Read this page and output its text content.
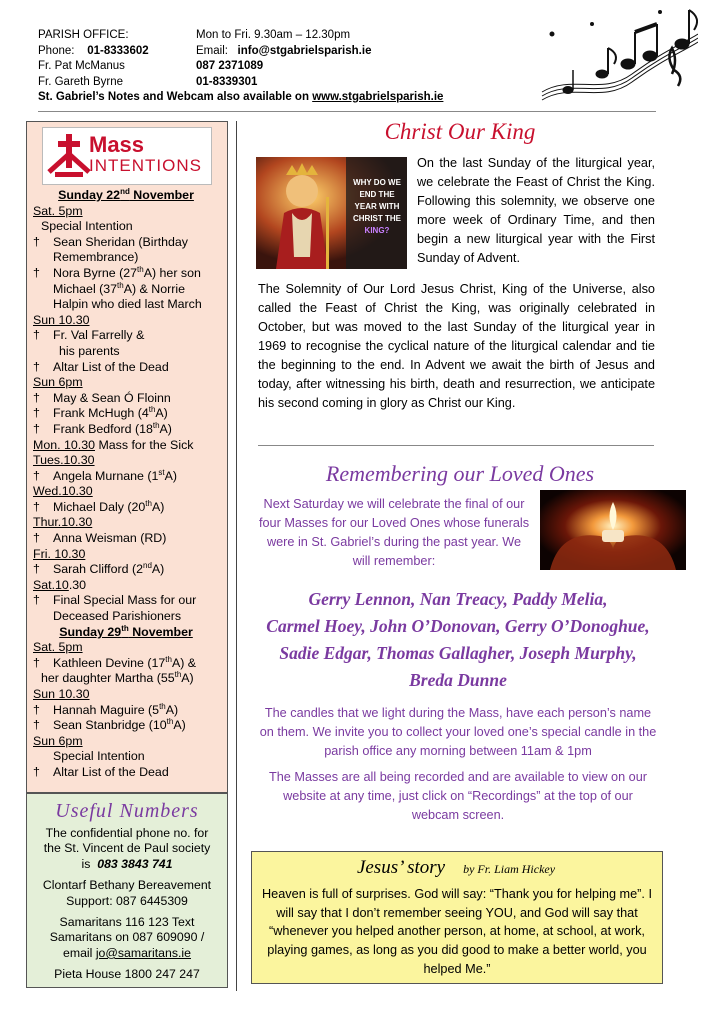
PARISH OFFICE:	Mon to Fri. 9.30am – 12.30pm
Phone: 01-8333602	Email: info@stgabrielsparish.ie
Fr. Pat McManus	087 2371089
Fr. Gareth Byrne	01-8339301
St. Gabriel’s Notes and Webcam also available on www.stgabrielsparish.ie
Mass
INTENTIONS
Sunday 22nd November
Sat. 5pm
Special Intention
†	Sean Sheridan (Birthday
Remembrance)
†	Nora Byrne (27thA) her son
Michael (37thA) & Norrie
Halpin who died last March
Sun 10.30
†	Fr. Val Farrelly &
his parents
†	Altar List of the Dead
Sun 6pm
†	May & Sean Ó Floinn
†	Frank McHugh (4thA)
†	Frank Bedford (18thA)
Mon. 10.30 Mass for the Sick
Tues.10.30
†	Angela Murnane (1stA)
Wed.10.30
†	Michael Daly (20thA)
Thur.10.30
†	Anna Weisman (RD)
Fri. 10.30
†	Sarah Clifford (2ndA)
Sat.10.30
†	Final Special Mass for our
Deceased Parishioners
Sunday 29th November
Sat. 5pm
†	Kathleen Devine (17thA) &
her daughter Martha (55thA)
Sun 10.30
†	Hannah Maguire (5thA)
†	Sean Stanbridge (10thA)
Sun 6pm
Special Intention
†	Altar List of the Dead
Useful Numbers
The confidential phone no. for
the St. Vincent de Paul society
is  083 3843 741
Clontarf Bethany Bereavement
Support: 087 6445309
Samaritans 116 123 Text
Samaritans on 087 609090 /
email jo@samaritans.ie
Pieta House 1800 247 247
Christ Our King
WHY DO WE
END THE
YEAR WITH
CHRIST THE
KING?
On the last Sunday of the liturgical year, we celebrate the Feast of Christ the King. Following this solemnity, we observe one more week of Ordinary Time, and then begin a new liturgical year with the First Sunday of Advent.
The Solemnity of Our Lord Jesus Christ, King of the Universe, also called the Feast of Christ the King, was originally celebrated in October, but was moved to the last Sunday of the liturgical year in 1969 to recognise the cyclical nature of the liturgical calendar and tie the beginning to the end. In Advent we await the birth of Jesus and today, after witnessing his birth, death and resurrection, we anticipate his second coming in glory as Christ our King.
Remembering our Loved Ones
Next Saturday we will celebrate the final of our four Masses for our Loved Ones whose funerals were in St. Gabriel’s during the past year. We will remember:
Gerry Lennon, Nan Treacy, Paddy Melia,
Carmel Hoey, John O’Donovan, Gerry O’Donoghue,
Sadie Edgar, Thomas Gallagher, Joseph Murphy,
Breda Dunne
The candles that we light during the Mass, have each person’s name on them. We invite you to collect your loved one’s special candle in the parish office any morning between 11am & 1pm
The Masses are all being recorded and are available to view on our website at any time, just click on “Recordings” at the top of our webcam screen.
Jesus’ story by Fr. Liam Hickey
Heaven is full of surprises. God will say: “Thank you for helping me”. I will say that I don’t remember seeing YOU, and God will say that “whenever you helped another person, at home, at school, at work, playing games, as long as you did good to make a better world, you helped Me.”
